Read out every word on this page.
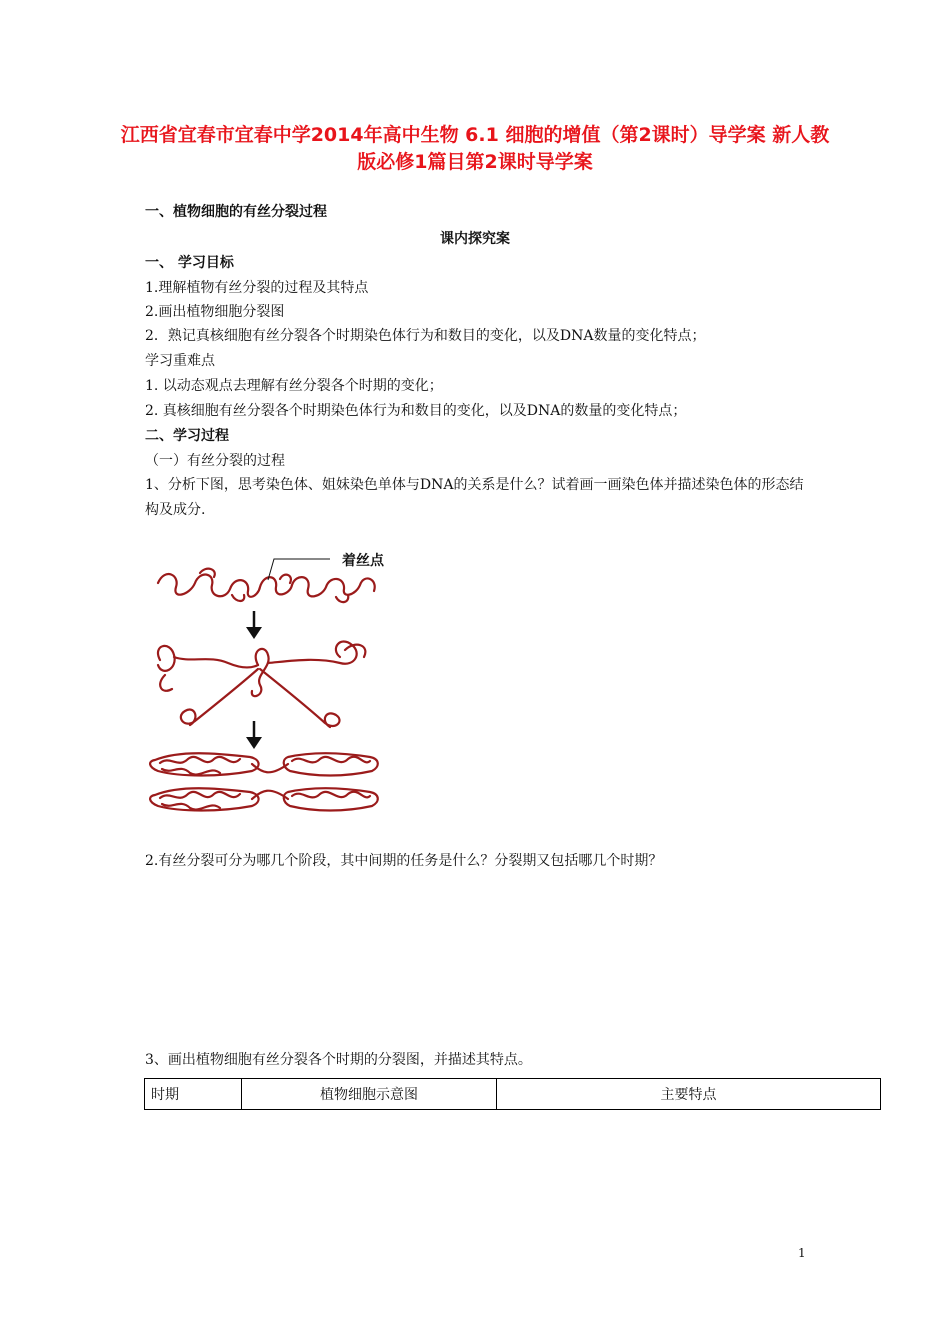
江西省宜春市宜春中学2014年高中生物 6.1 细胞的增值（第2课时）导学案 新人教版必修1篇目第2课时导学案
一、植物细胞的有丝分裂过程
课内探究案
一、 学习目标
1.理解植物有丝分裂的过程及其特点
2.画出植物细胞分裂图
2．熟记真核细胞有丝分裂各个时期染色体行为和数目的变化，以及DNA数量的变化特点；
学习重难点
1. 以动态观点去理解有丝分裂各个时期的变化；
2. 真核细胞有丝分裂各个时期染色体行为和数目的变化，以及DNA的数量的变化特点；
二、学习过程
（一）有丝分裂的过程
1、分析下图，思考染色体、姐妹染色单体与DNA的关系是什么？试着画一画染色体并描述染色体的形态结构及成分.
着丝点
2.有丝分裂可分为哪几个阶段，其中间期的任务是什么？分裂期又包括哪几个时期？
3、画出植物细胞有丝分裂各个时期的分裂图，并描述其特点。
时期	植物细胞示意图	主要特点
1
